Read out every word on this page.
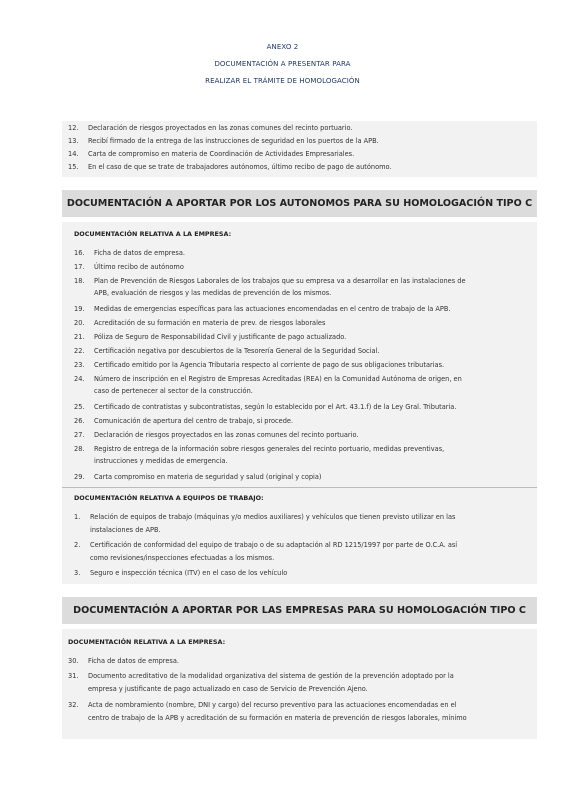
ANEXO 2
DOCUMENTACIÓN A PRESENTAR PARA
REALIZAR EL TRÁMITE DE HOMOLOGACIÓN
12.	Declaración de riesgos proyectados en las zonas comunes del recinto portuario.
13.	Recibí firmado de la entrega de las instrucciones de seguridad en los puertos de la APB.
14.	Carta de compromiso en materia de Coordinación de Actividades Empresariales.
15.	En el caso de que se trate de trabajadores autónomos, último recibo de pago de autónomo.
DOCUMENTACIÓN A APORTAR POR LOS AUTONOMOS PARA SU HOMOLOGACIÓN TIPO C
DOCUMENTACIÓN RELATIVA A LA EMPRESA:
16.	Ficha de datos de empresa.
17.	Último recibo de autónomo
18.	Plan de Prevención de Riesgos Laborales de los trabajos que su empresa va a desarrollar en las instalaciones de
APB, evaluación de riesgos y las medidas de prevención de los mismos.
19.	Medidas de emergencias específicas para las actuaciones encomendadas en el centro de trabajo de la APB.
20.	Acreditación de su formación en materia de prev. de riesgos laborales
21.	Póliza de Seguro de Responsabilidad Civil y justificante de pago actualizado.
22.	Certificación negativa por descubiertos de la Tesorería General de la Seguridad Social.
23.	Certificado emitido por la Agencia Tributaria respecto al corriente de pago de sus obligaciones tributarias.
24.	Número de inscripción en el Registro de Empresas Acreditadas (REA) en la Comunidad Autónoma de origen, en
caso de pertenecer al sector de la construcción.
25.	Certificado de contratistas y subcontratistas, según lo establecido por el Art. 43.1.f) de la Ley Gral. Tributaria.
26.	Comunicación de apertura del centro de trabajo, si procede.
27.	Declaración de riesgos proyectados en las zonas comunes del recinto portuario.
28.	Registro de entrega de la información sobre riesgos generales del recinto portuario, medidas preventivas,
instrucciones y medidas de emergencia.
29.	Carta compromiso en materia de seguridad y salud (original y copia)
DOCUMENTACIÓN RELATIVA A EQUIPOS DE TRABAJO:
1.	Relación de equipos de trabajo (máquinas y/o medios auxiliares) y vehículos que tienen previsto utilizar en las
instalaciones de APB.
2.	Certificación de conformidad del equipo de trabajo o de su adaptación al RD 1215/1997 por parte de O.C.A. así
como revisiones/inspecciones efectuadas a los mismos.
3.	Seguro e inspección técnica (ITV) en el caso de los vehículo
DOCUMENTACIÓN A APORTAR POR LAS EMPRESAS PARA SU HOMOLOGACIÓN TIPO C
DOCUMENTACIÓN RELATIVA A LA EMPRESA:
30.	Ficha de datos de empresa.
31.	Documento acreditativo de la modalidad organizativa del sistema de gestión de la prevención adoptado por la
empresa y justificante de pago actualizado en caso de Servicio de Prevención Ajeno.
32.	Acta de nombramiento (nombre, DNI y cargo) del recurso preventivo para las actuaciones encomendadas en el
centro de trabajo de la APB y acreditación de su formación en materia de prevención de riesgos laborales, mínimo
